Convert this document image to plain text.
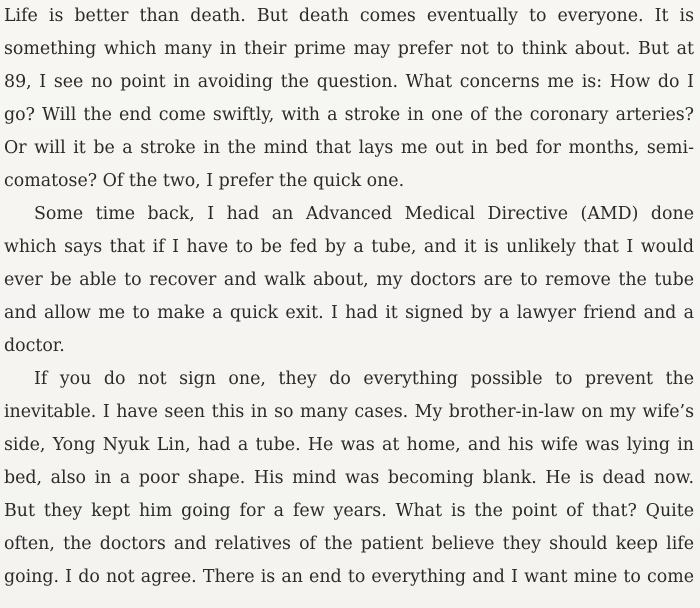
Life is better than death. But death comes eventually to everyone. It is
something which many in their prime may prefer not to think about. But at
89, I see no point in avoiding the question. What concerns me is: How do I
go? Will the end come swiftly, with a stroke in one of the coronary arteries?
Or will it be a stroke in the mind that lays me out in bed for months, semi-
comatose? Of the two, I prefer the quick one.
Some time back, I had an Advanced Medical Directive (AMD) done
which says that if I have to be fed by a tube, and it is unlikely that I would
ever be able to recover and walk about, my doctors are to remove the tube
and allow me to make a quick exit. I had it signed by a lawyer friend and a
doctor.
If you do not sign one, they do everything possible to prevent the
inevitable. I have seen this in so many cases. My brother-in-law on my wife’s
side, Yong Nyuk Lin, had a tube. He was at home, and his wife was lying in
bed, also in a poor shape. His mind was becoming blank. He is dead now.
But they kept him going for a few years. What is the point of that? Quite
often, the doctors and relatives of the patient believe they should keep life
going. I do not agree. There is an end to everything and I want mine to come
